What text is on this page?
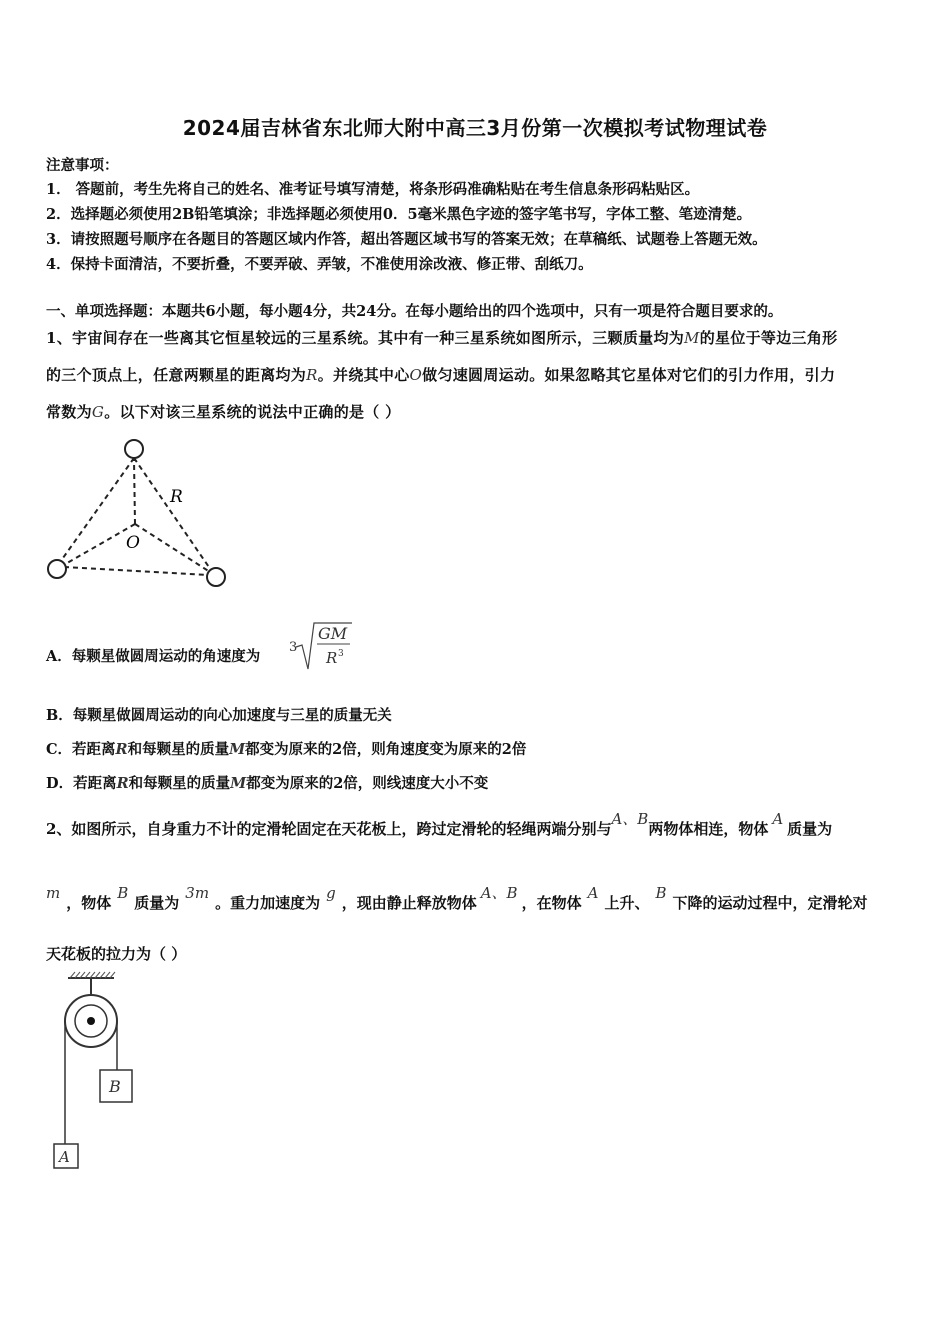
2024届吉林省东北师大附中高三3月份第一次模拟考试物理试卷
注意事项：
1． 答题前，考生先将自己的姓名、准考证号填写清楚，将条形码准确粘贴在考生信息条形码粘贴区。
2．选择题必须使用2B铅笔填涂；非选择题必须使用0．5毫米黑色字迹的签字笔书写，字体工整、笔迹清楚。
3．请按照题号顺序在各题目的答题区域内作答，超出答题区域书写的答案无效；在草稿纸、试题卷上答题无效。
4．保持卡面清洁，不要折叠，不要弄破、弄皱，不准使用涂改液、修正带、刮纸刀。
一、单项选择题：本题共6小题，每小题4分，共24分。在每小题给出的四个选项中，只有一项是符合题目要求的。
1、宇宙间存在一些离其它恒星较远的三星系统。其中有一种三星系统如图所示，三颗质量均为M的星位于等边三角形
的三个顶点上，任意两颗星的距离均为R。并绕其中心O做匀速圆周运动。如果忽略其它星体对它们的引力作用，引力
常数为G。以下对该三星系统的说法中正确的是（ ）
R
O
A．每颗星做圆周运动的角速度为
3
GM
R 3
B．每颗星做圆周运动的向心加速度与三星的质量无关
C．若距离R和每颗星的质量M都变为原来的2倍，则角速度变为原来的2倍
D．若距离R和每颗星的质量M都变为原来的2倍，则线速度大小不变
2、如图所示，自身重力不计的定滑轮固定在天花板上，跨过定滑轮的轻绳两端分别与A、B两物体相连，物体A质量为
m，物体B质量为3m。重力加速度为g，现由静止释放物体A、B，在物体A上升、B下降的运动过程中，定滑轮对
天花板的拉力为（ ）
B
A
